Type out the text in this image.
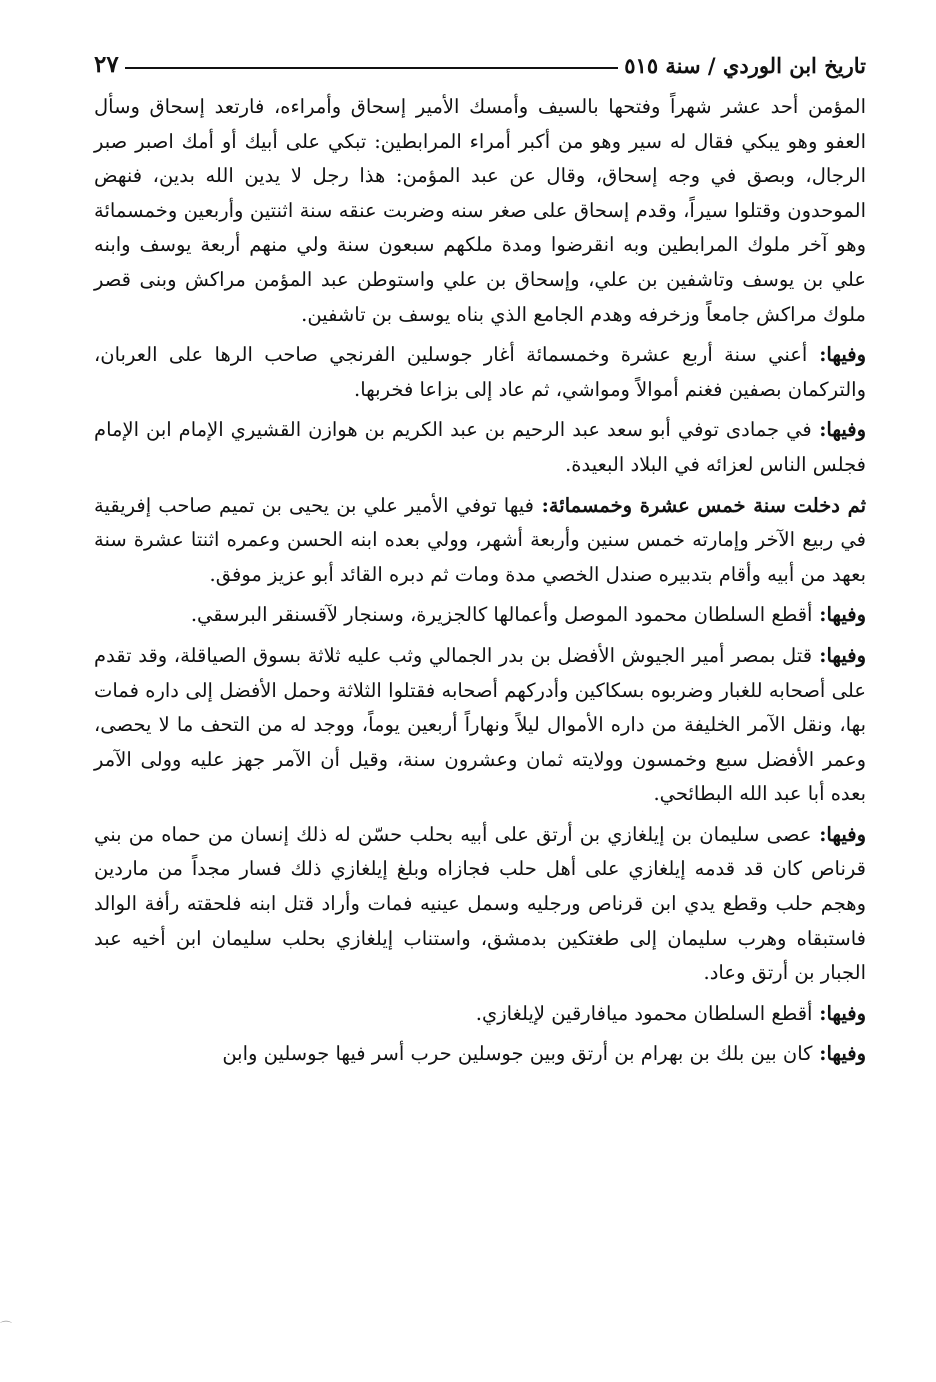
تاريخ ابن الوردي / سنة ٥١٥
٢٧

المؤمن أحد عشر شهراً وفتحها بالسيف وأمسك الأمير إسحاق وأمراءه، فارتعد إسحاق وسأل العفو وهو يبكي فقال له سير وهو من أكبر أمراء المرابطين: تبكي على أبيك أو أمك اصبر صبر الرجال، وبصق في وجه إسحاق، وقال عن عبد المؤمن: هذا رجل لا يدين الله بدين، فنهض الموحدون وقتلوا سيراً، وقدم إسحاق على صغر سنه وضربت عنقه سنة اثنتين وأربعين وخمسمائة وهو آخر ملوك المرابطين وبه انقرضوا ومدة ملكهم سبعون سنة ولي منهم أربعة يوسف وابنه علي بن يوسف وتاشفين بن علي، وإسحاق بن علي واستوطن عبد المؤمن مراكش وبنى قصر ملوك مراكش جامعاً وزخرفه وهدم الجامع الذي بناه يوسف بن تاشفين.

وفيها: أعني سنة أربع عشرة وخمسمائة أغار جوسلين الفرنجي صاحب الرها على العربان، والتركمان بصفين فغنم أموالاً ومواشي، ثم عاد إلى بزاعا فخربها.

وفيها: في جمادى توفي أبو سعد عبد الرحيم بن عبد الكريم بن هوازن القشيري الإمام ابن الإمام فجلس الناس لعزائه في البلاد البعيدة.

ثم دخلت سنة خمس عشرة وخمسمائة: فيها توفي الأمير علي بن يحيى بن تميم صاحب إفريقية في ربيع الآخر وإمارته خمس سنين وأربعة أشهر، وولي بعده ابنه الحسن وعمره اثنتا عشرة سنة بعهد من أبيه وأقام بتدبيره صندل الخصي مدة ومات ثم دبره القائد أبو عزيز موفق.

وفيها: أقطع السلطان محمود الموصل وأعمالها كالجزيرة، وسنجار لآقسنقر البرسقي.

وفيها: قتل بمصر أمير الجيوش الأفضل بن بدر الجمالي وثب عليه ثلاثة بسوق الصياقلة، وقد تقدم على أصحابه للغبار وضربوه بسكاكين وأدركهم أصحابه فقتلوا الثلاثة وحمل الأفضل إلى داره فمات بها، ونقل الآمر الخليفة من داره الأموال ليلاً ونهاراً أربعين يوماً، ووجد له من التحف ما لا يحصى، وعمر الأفضل سبع وخمسون وولايته ثمان وعشرون سنة، وقيل أن الآمر جهز عليه وولى الآمر بعده أبا عبد الله البطائحي.

وفيها: عصى سليمان بن إيلغازي بن أرتق على أبيه بحلب حسّن له ذلك إنسان من حماه من بني قرناص كان قد قدمه إيلغازي على أهل حلب فجازاه وبلغ إيلغازي ذلك فسار مجداً من ماردين وهجم حلب وقطع يدي ابن قرناص ورجليه وسمل عينيه فمات وأراد قتل ابنه فلحقته رأفة الوالد فاستبقاه وهرب سليمان إلى طغتكين بدمشق، واستناب إيلغازي بحلب سليمان ابن أخيه عبد الجبار بن أرتق وعاد.

وفيها: أقطع السلطان محمود ميافارقين لإيلغازي.

وفيها: كان بين بلك بن بهرام بن أرتق وبين جوسلين حرب أسر فيها جوسلين وابن

⌒
